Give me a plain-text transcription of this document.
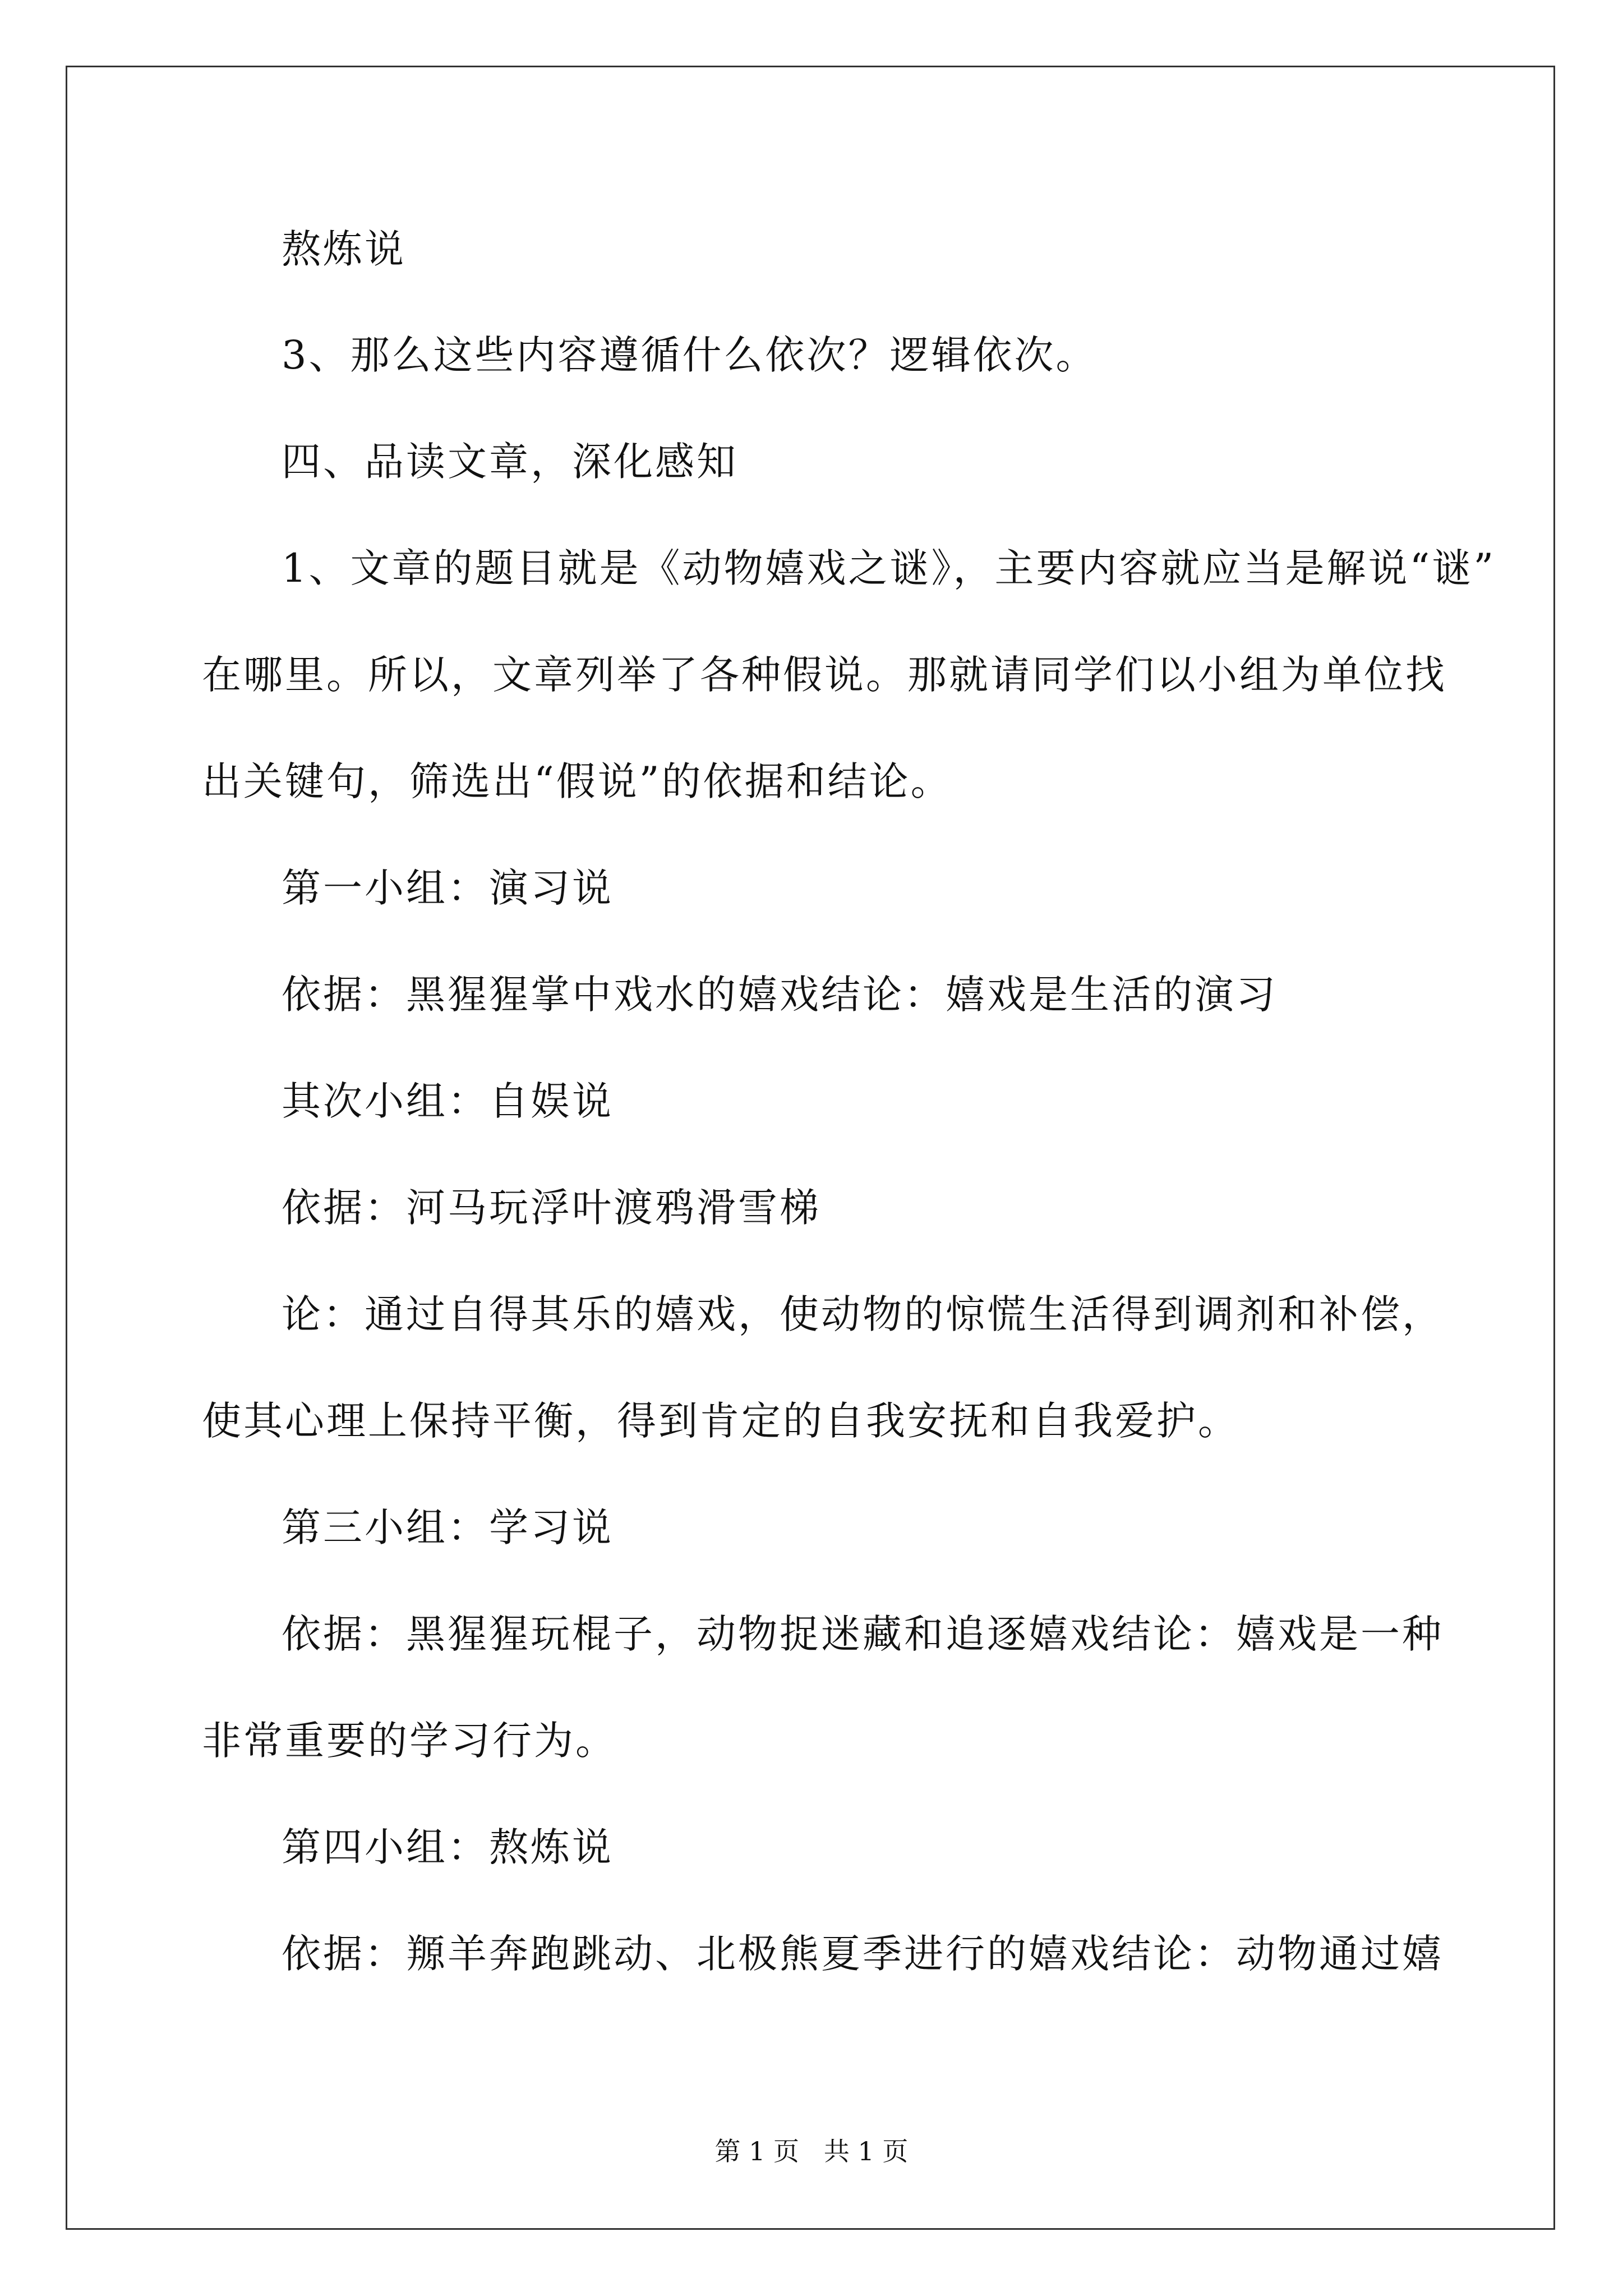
熬炼说
3、那么这些内容遵循什么依次？逻辑依次。
四、品读文章，深化感知
1、文章的题目就是《动物嬉戏之谜》，主要内容就应当是解说“谜”
在哪里。所以，文章列举了各种假说。那就请同学们以小组为单位找
出关键句，筛选出“假说”的依据和结论。
第一小组：演习说
依据：黑猩猩掌中戏水的嬉戏结论：嬉戏是生活的演习
其次小组：自娱说
依据：河马玩浮叶渡鸦滑雪梯
论：通过自得其乐的嬉戏，使动物的惊慌生活得到调剂和补偿，
使其心理上保持平衡，得到肯定的自我安抚和自我爱护。
第三小组：学习说
依据：黑猩猩玩棍子，动物捉迷藏和追逐嬉戏结论：嬉戏是一种
非常重要的学习行为。
第四小组：熬炼说
依据：羱羊奔跑跳动、北极熊夏季进行的嬉戏结论：动物通过嬉
第 1 页   共 1 页
